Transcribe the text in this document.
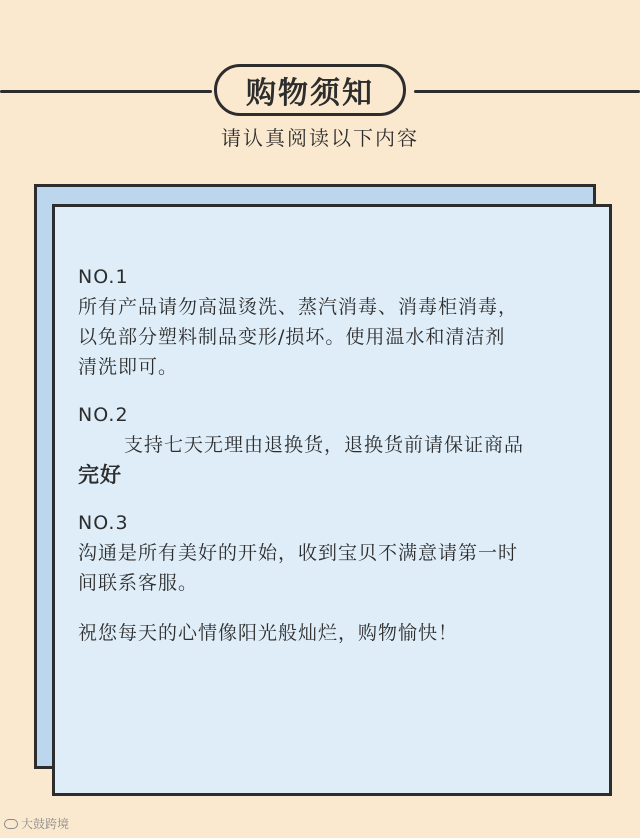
购物须知
请认真阅读以下内容
NO.1
所有产品请勿高温烫洗、蒸汽消毒、消毒柜消毒，
以免部分塑料制品变形/损坏。使用温水和清洁剂
清洗即可。
NO.2
支持七天无理由退换货，退换货前请保证商品
完好
NO.3
沟通是所有美好的开始，收到宝贝不满意请第一时
间联系客服。
祝您每天的心情像阳光般灿烂，购物愉快！
大鼓跨境
